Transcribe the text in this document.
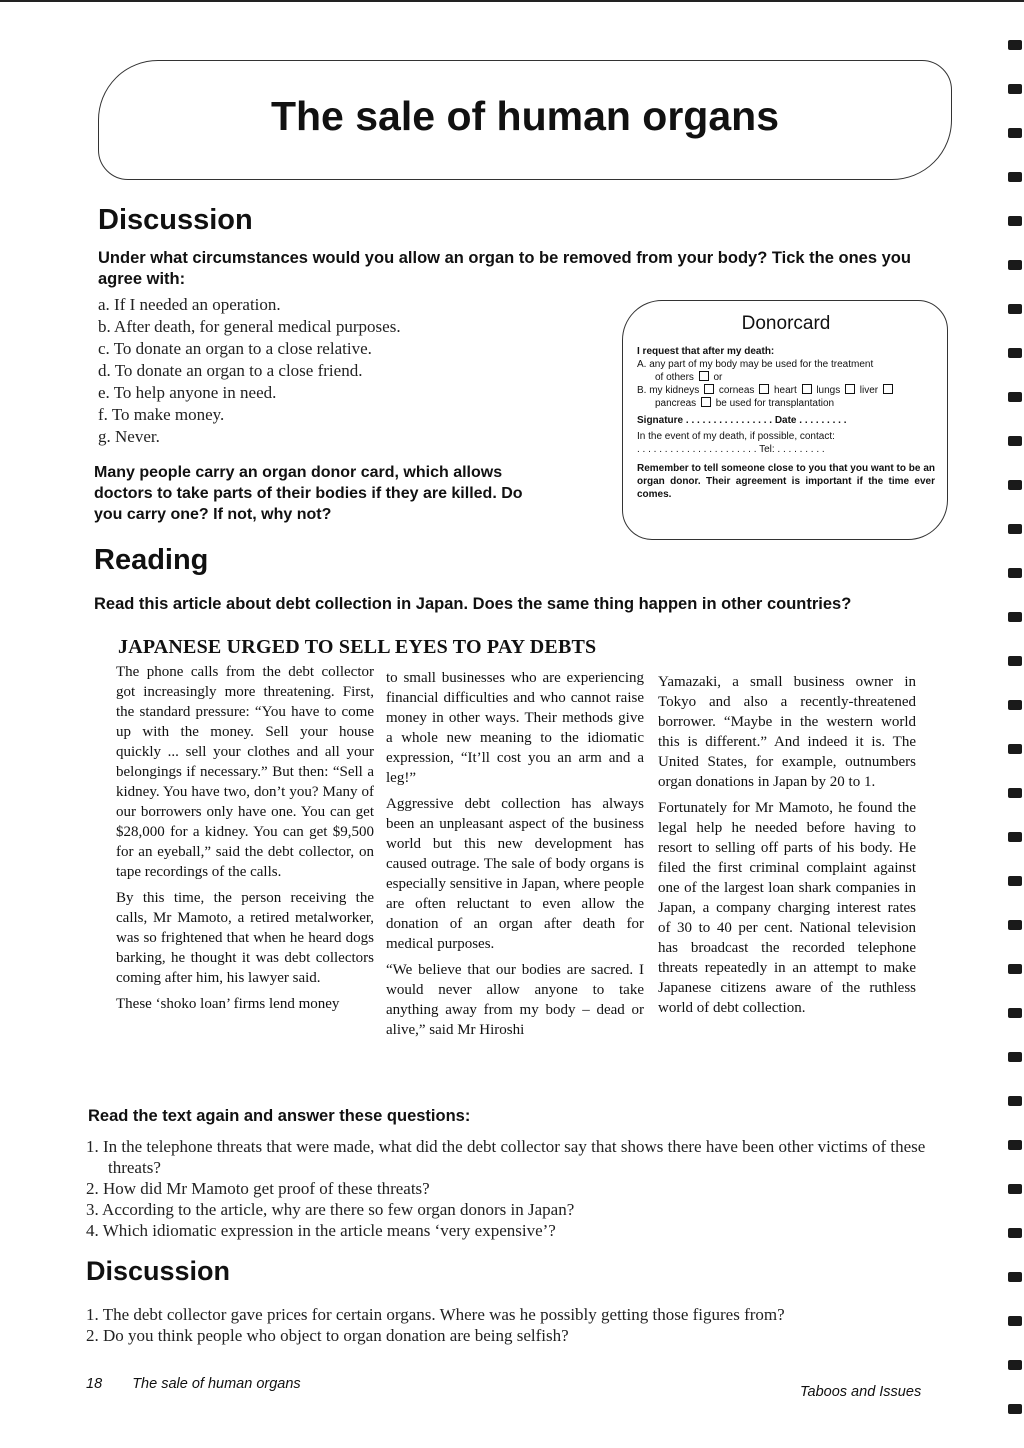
The sale of human organs
Discussion
Under what circumstances would you allow an organ to be removed from your body? Tick the ones you agree with:
a. If I needed an operation.
b. After death, for general medical purposes.
c. To donate an organ to a close relative.
d. To donate an organ to a close friend.
e. To help anyone in need.
f. To make money.
g. Never.
Many people carry an organ donor card, which allows doctors to take parts of their bodies if they are killed. Do you carry one? If not, why not?
Donorcard
I request that after my death:
A. any part of my body may be used for the treatment
of others or
B. my kidneys corneas heart lungs liver
pancreas be used for transplantation
Signature . . . . . . . . . . . . . . . . Date . . . . . . . . .
In the event of my death, if possible, contact:
. . . . . . . . . . . . . . . . . . . . . . Tel: . . . . . . . . .
Remember to tell someone close to you that you want to be an organ donor. Their agreement is important if the time ever comes.
Reading
Read this article about debt collection in Japan. Does the same thing happen in other countries?
JAPANESE URGED TO SELL EYES TO PAY DEBTS

The phone calls from the debt collector got increasingly more threatening. First, the standard pressure: “You have to come up with the money. Sell your house quickly ... sell your clothes and all your belongings if necessary.” But then: “Sell a kidney. You have two, don’t you? Many of our borrowers only have one. You can get $28,000 for a kidney. You can get $9,500 for an eyeball,” said the debt collector, on tape recordings of the calls.

By this time, the person receiving the calls, Mr Mamoto, a retired metalworker, was so frightened that when he heard dogs barking, he thought it was debt collectors coming after him, his lawyer said.

These ‘shoko loan’ firms lend money

to small businesses who are experiencing financial difficulties and who cannot raise money in other ways. Their methods give a whole new meaning to the idiomatic expression, “It’ll cost you an arm and a leg!”

Aggressive debt collection has always been an unpleasant aspect of the business world but this new development has caused outrage. The sale of body organs is especially sensitive in Japan, where people are often reluctant to even allow the donation of an organ after death for medical purposes.

“We believe that our bodies are sacred. I would never allow anyone to take anything away from my body – dead or alive,” said Mr Hiroshi

Yamazaki, a small business owner in Tokyo and also a recently-threatened borrower. “Maybe in the western world this is different.” And indeed it is. The United States, for example, outnumbers organ donations in Japan by 20 to 1.

Fortunately for Mr Mamoto, he found the legal help he needed before having to resort to selling off parts of his body. He filed the first criminal complaint against one of the largest loan shark companies in Japan, a company charging interest rates of 30 to 40 per cent. National television has broadcast the recorded telephone threats repeatedly in an attempt to make Japanese citizens aware of the ruthless world of debt collection.

Read the text again and answer these questions:
1. In the telephone threats that were made, what did the debt collector say that shows there have been other victims of these threats?
2. How did Mr Mamoto get proof of these threats?
3. According to the article, why are there so few organ donors in Japan?
4. Which idiomatic expression in the article means ‘very expensive’?
Discussion
1. The debt collector gave prices for certain organs. Where was he possibly getting those figures from?
2. Do you think people who object to organ donation are being selfish?
18 The sale of human organs	Taboos and Issues
